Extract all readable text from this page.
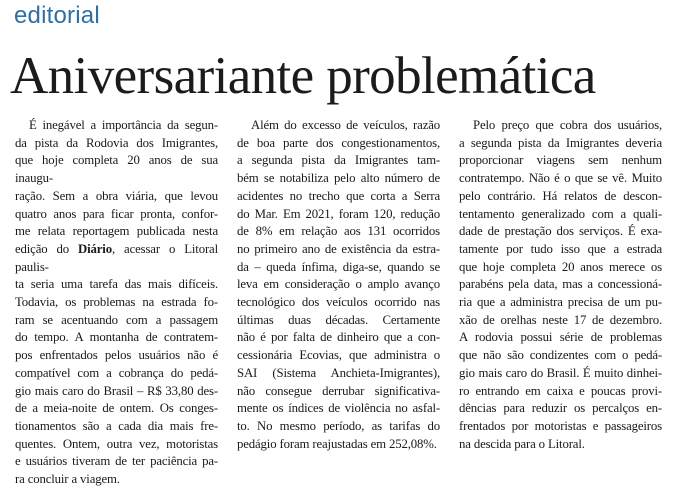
editorial
Aniversariante problemática
É inegável a importância da segun-
da pista da Rodovia dos Imigrantes,
que hoje completa 20 anos de sua inaugu-
ração. Sem a obra viária, que levou
quatro anos para ficar pronta, confor-
me relata reportagem publicada nesta
edição do Diário, acessar o Litoral paulis-
ta seria uma tarefa das mais difíceis.
Todavia, os problemas na estrada fo-
ram se acentuando com a passagem
do tempo. A montanha de contratem-
pos enfrentados pelos usuários não é
compatível com a cobrança do pedá-
gio mais caro do Brasil – R$ 33,80 des-
de a meia-noite de ontem. Os conges-
tionamentos são a cada dia mais fre-
quentes. Ontem, outra vez, motoristas
e usuários tiveram de ter paciência pa-
ra concluir a viagem.
Além do excesso de veículos, razão
de boa parte dos congestionamentos,
a segunda pista da Imigrantes tam-
bém se notabiliza pelo alto número de
acidentes no trecho que corta a Serra
do Mar. Em 2021, foram 120, redução
de 8% em relação aos 131 ocorridos
no primeiro ano de existência da estra-
da – queda ínfima, diga-se, quando se
leva em consideração o amplo avanço
tecnológico dos veículos ocorrido nas
últimas duas décadas. Certamente
não é por falta de dinheiro que a con-
cessionária Ecovias, que administra o
SAI (Sistema Anchieta-Imigrantes),
não consegue derrubar significativa-
mente os índices de violência no asfal-
to. No mesmo período, as tarifas do
pedágio foram reajustadas em 252,08%.
Pelo preço que cobra dos usuários,
a segunda pista da Imigrantes deveria
proporcionar viagens sem nenhum
contratempo. Não é o que se vê. Muito
pelo contrário. Há relatos de descon-
tentamento generalizado com a quali-
dade de prestação dos serviços. É exa-
tamente por tudo isso que a estrada
que hoje completa 20 anos merece os
parabéns pela data, mas a concessioná-
ria que a administra precisa de um pu-
xão de orelhas neste 17 de dezembro.
A rodovia possui série de problemas
que não são condizentes com o pedá-
gio mais caro do Brasil. É muito dinhei-
ro entrando em caixa e poucas provi-
dências para reduzir os percalços en-
frentados por motoristas e passageiros
na descida para o Litoral.
